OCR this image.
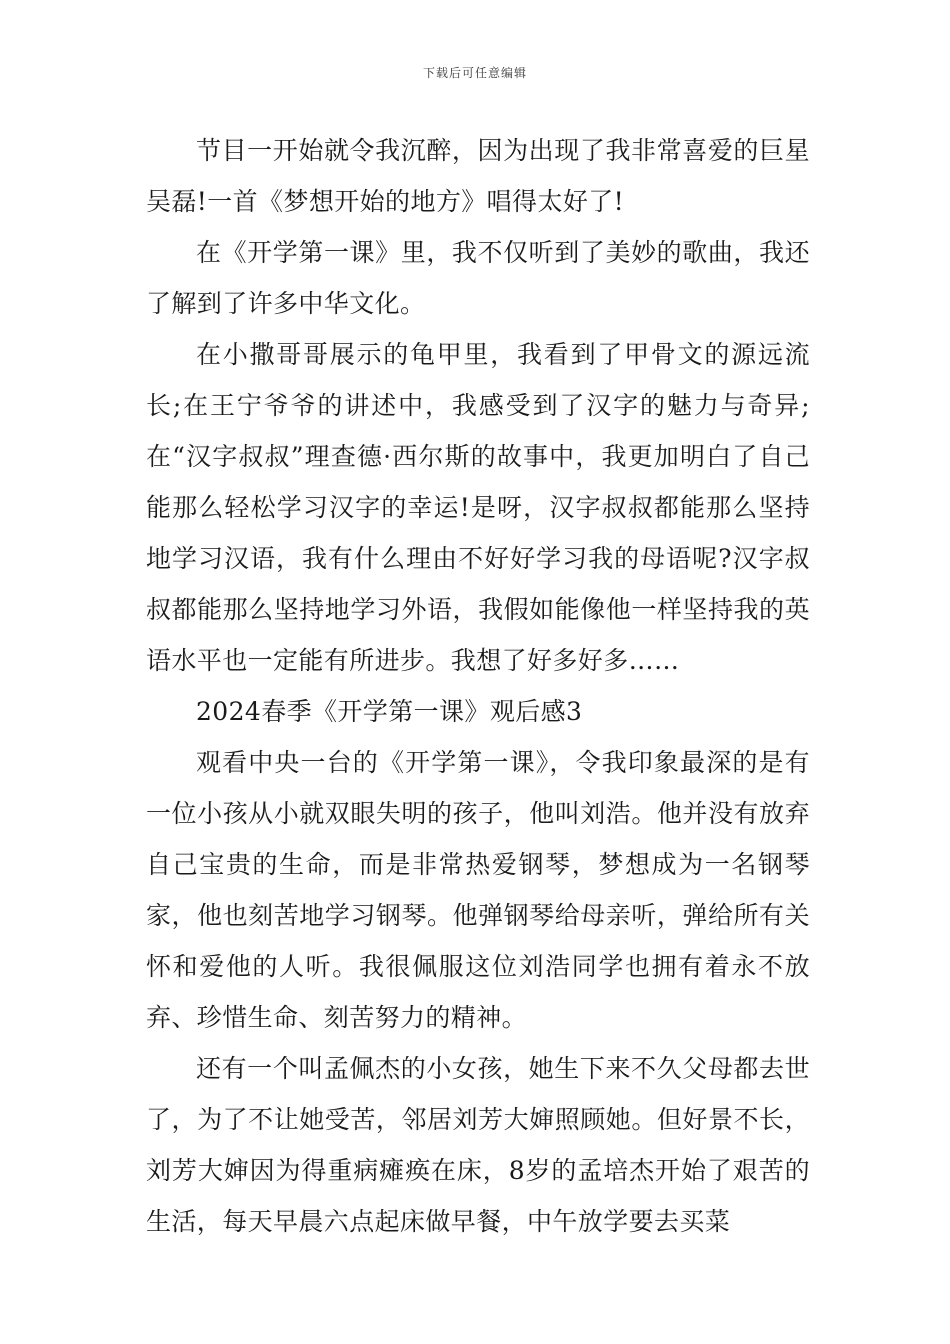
下载后可任意编辑

节目一开始就令我沉醉，因为出现了我非常喜爱的巨星吴磊!一首《梦想开始的地方》唱得太好了!

在《开学第一课》里，我不仅听到了美妙的歌曲，我还了解到了许多中华文化。

在小撒哥哥展示的龟甲里，我看到了甲骨文的源远流长;在王宁爷爷的讲述中，我感受到了汉字的魅力与奇异;在“汉字叔叔”理查德·西尔斯的故事中，我更加明白了自己能那么轻松学习汉字的幸运!是呀，汉字叔叔都能那么坚持地学习汉语，我有什么理由不好好学习我的母语呢?汉字叔叔都能那么坚持地学习外语，我假如能像他一样坚持我的英语水平也一定能有所进步。我想了好多好多……

2024春季《开学第一课》观后感3

观看中央一台的《开学第一课》，令我印象最深的是有一位小孩从小就双眼失明的孩子，他叫刘浩。他并没有放弃自己宝贵的生命，而是非常热爱钢琴，梦想成为一名钢琴家，他也刻苦地学习钢琴。他弹钢琴给母亲听，弹给所有关怀和爱他的人听。我很佩服这位刘浩同学也拥有着永不放弃、珍惜生命、刻苦努力的精神。

还有一个叫孟佩杰的小女孩，她生下来不久父母都去世了，为了不让她受苦，邻居刘芳大婶照顾她。但好景不长，刘芳大婶因为得重病瘫痪在床，8岁的孟培杰开始了艰苦的生活，每天早晨六点起床做早餐，中午放学要去买菜
